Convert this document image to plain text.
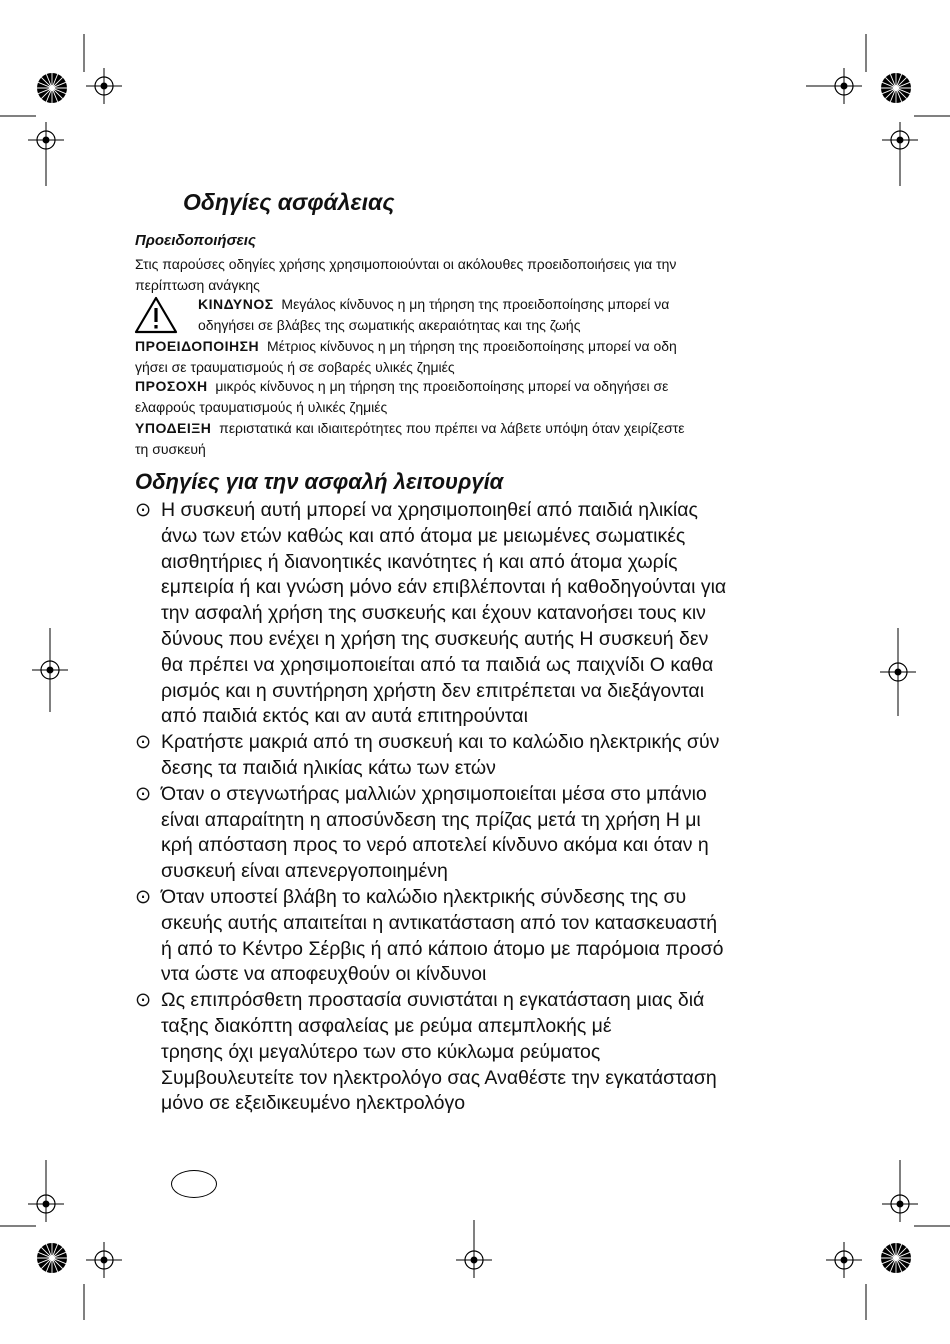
Οδηγίες ασφάλειας
Προειδοποιήσεις
Στις παρούσες οδηγίες χρήσης χρησιμοποιούνται οι ακόλουθες προειδοποιήσεις για την
περίπτωση ανάγκης
ΚΙΝΔΥΝΟΣ Μεγάλος κίνδυνος η μη τήρηση της προειδοποίησης μπορεί να
οδηγήσει σε βλάβες της σωματικής ακεραιότητας και της ζωής
ΠΡΟΕΙΔΟΠΟΙΗΣΗ Μέτριος κίνδυνος η μη τήρηση της προειδοποίησης μπορεί να οδη
γήσει σε τραυματισμούς ή σε σοβαρές υλικές ζημιές
ΠΡΟΣΟΧΗ μικρός κίνδυνος η μη τήρηση της προειδοποίησης μπορεί να οδηγήσει σε
ελαφρούς τραυματισμούς ή υλικές ζημιές
ΥΠΟΔΕΙΞΗ περιστατικά και ιδιαιτερότητες που πρέπει να λάβετε υπόψη όταν χειρίζεστε
τη συσκευή
Οδηγίες για την ασφαλή λειτουργία
⊙ Η συσκευή αυτή μπορεί να χρησιμοποιηθεί από παιδιά ηλικίας
άνω των ετών καθώς και από άτομα με μειωμένες σωματικές
αισθητήριες ή διανοητικές ικανότητες ή και από άτομα χωρίς
εμπειρία ή και γνώση μόνο εάν επιβλέπονται ή καθοδηγούνται για
την ασφαλή χρήση της συσκευής και έχουν κατανοήσει τους κιν
δύνους που ενέχει η χρήση της συσκευής αυτής Η συσκευή δεν
θα πρέπει να χρησιμοποιείται από τα παιδιά ως παιχνίδι Ο καθα
ρισμός και η συντήρηση χρήστη δεν επιτρέπεται να διεξάγονται
από παιδιά εκτός και αν αυτά επιτηρούνται
⊙ Κρατήστε μακριά από τη συσκευή και το καλώδιο ηλεκτρικής σύν
δεσης τα παιδιά ηλικίας κάτω των ετών
⊙ Όταν ο στεγνωτήρας μαλλιών χρησιμοποιείται μέσα στο μπάνιο
είναι απαραίτητη η αποσύνδεση της πρίζας μετά τη χρήση Η μι
κρή απόσταση προς το νερό αποτελεί κίνδυνο ακόμα και όταν η
συσκευή είναι απενεργοποιημένη
⊙ Όταν υποστεί βλάβη το καλώδιο ηλεκτρικής σύνδεσης της συ
σκευής αυτής απαιτείται η αντικατάσταση από τον κατασκευαστή
ή από το Κέντρο Σέρβις ή από κάποιο άτομο με παρόμοια προσό
ντα ώστε να αποφευχθούν οι κίνδυνοι
⊙ Ως επιπρόσθετη προστασία συνιστάται η εγκατάσταση μιας διά
ταξης διακόπτη ασφαλείας με ρεύμα απεμπλοκής μέ
τρησης όχι μεγαλύτερο των στο κύκλωμα ρεύματος
Συμβουλευτείτε τον ηλεκτρολόγο σας Αναθέστε την εγκατάσταση
μόνο σε εξειδικευμένο ηλεκτρολόγο
